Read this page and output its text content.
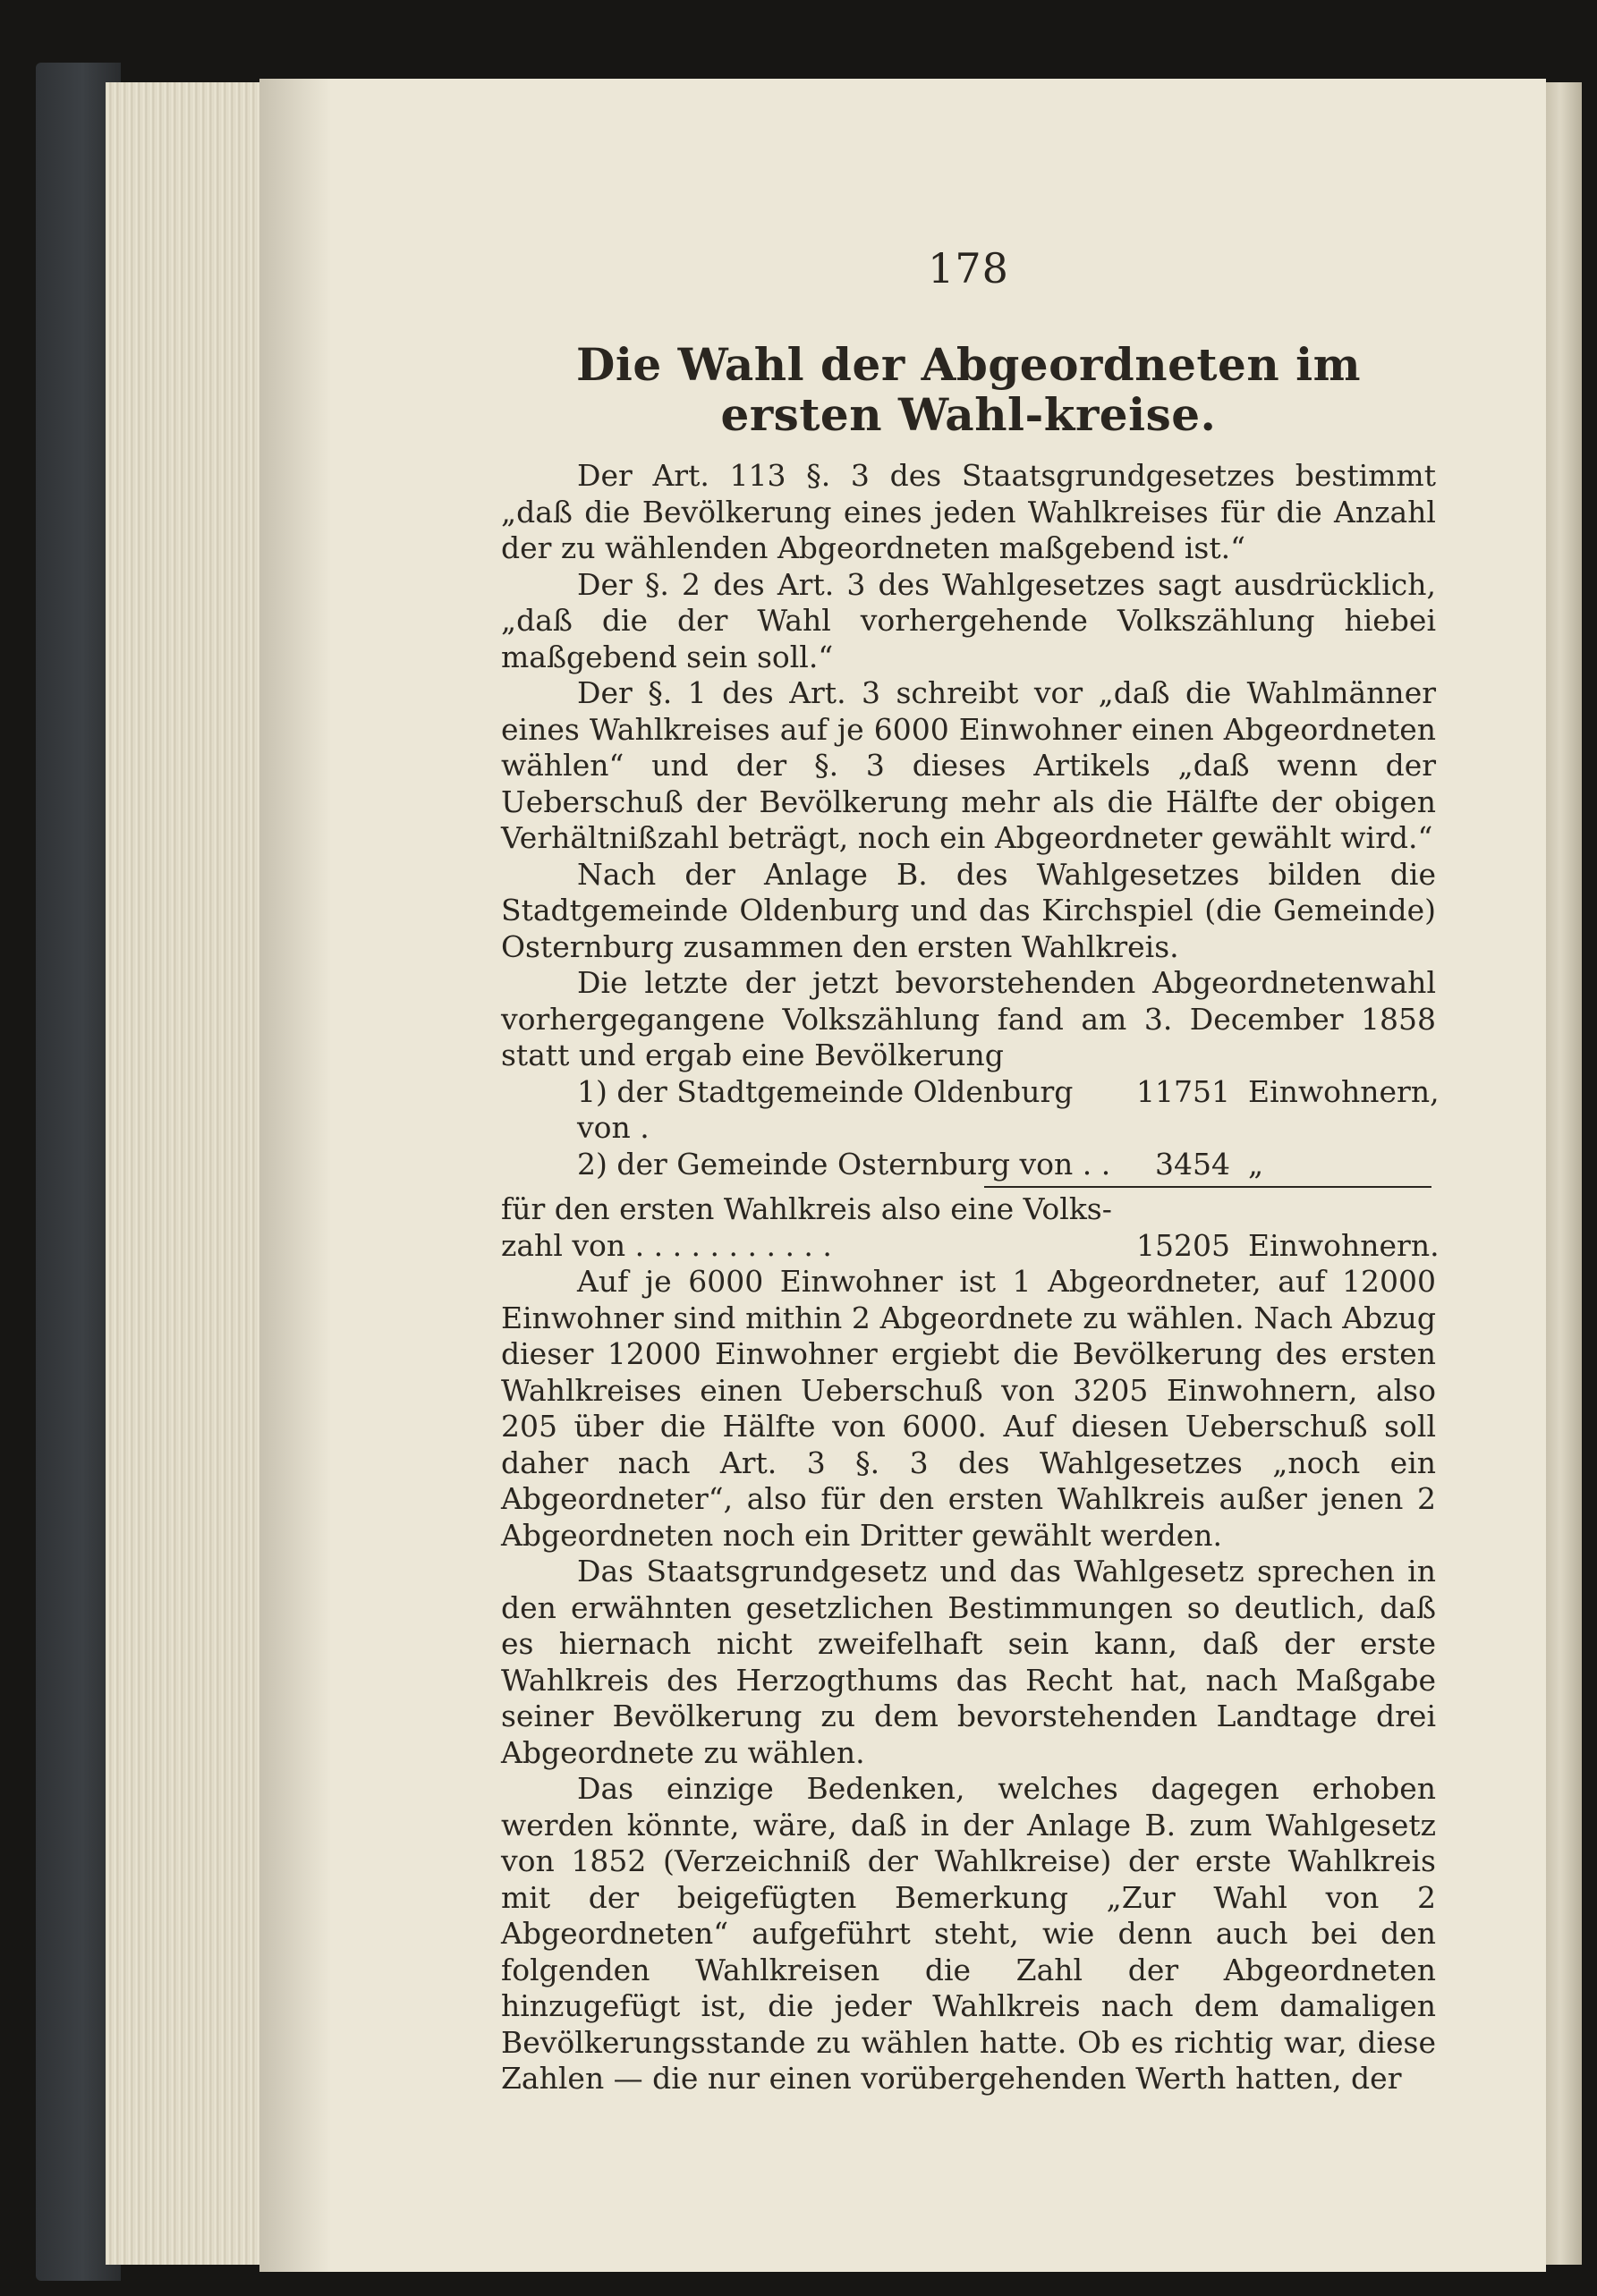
178
Die Wahl der Abgeordneten im ersten Wahl-kreise.

Der Art. 113 §. 3 des Staatsgrundgesetzes bestimmt „daß die Bevölkerung eines jeden Wahlkreises für die Anzahl der zu wählenden Abgeordneten maßgebend ist.“

Der §. 2 des Art. 3 des Wahlgesetzes sagt ausdrücklich, „daß die der Wahl vorhergehende Volkszählung hiebei maßgebend sein soll.“

Der §. 1 des Art. 3 schreibt vor „daß die Wahlmänner eines Wahlkreises auf je 6000 Einwohner einen Abgeordneten wählen“ und der §. 3 dieses Artikels „daß wenn der Ueberschuß der Bevölkerung mehr als die Hälfte der obigen Verhältnißzahl beträgt, noch ein Abgeordneter gewählt wird.“

Nach der Anlage B. des Wahlgesetzes bilden die Stadtgemeinde Oldenburg und das Kirchspiel (die Gemeinde) Osternburg zusammen den ersten Wahlkreis.

Die letzte der jetzt bevorstehenden Abgeordnetenwahl vorhergegangene Volkszählung fand am 3. December 1858 statt und ergab eine Bevölkerung

1) der Stadtgemeinde Oldenburg von .
11751 Einwohnern,
2) der Gemeinde Osternburg von . .	3454 „
für den ersten Wahlkreis also eine Volks-
zahl von . . . . . . . . . . .	15205 Einwohnern.

Auf je 6000 Einwohner ist 1 Abgeordneter, auf 12000 Einwohner sind mithin 2 Abgeordnete zu wählen. Nach Abzug dieser 12000 Einwohner ergiebt die Bevölkerung des ersten Wahlkreises einen Ueberschuß von 3205 Einwohnern, also 205 über die Hälfte von 6000. Auf diesen Ueberschuß soll daher nach Art. 3 §. 3 des Wahlgesetzes „noch ein Abgeordneter“, also für den ersten Wahlkreis außer jenen 2 Abgeordneten noch ein Dritter gewählt werden.

Das Staatsgrundgesetz und das Wahlgesetz sprechen in den erwähnten gesetzlichen Bestimmungen so deutlich, daß es hiernach nicht zweifelhaft sein kann, daß der erste Wahlkreis des Herzogthums das Recht hat, nach Maßgabe seiner Bevölkerung zu dem bevorstehenden Landtage drei Abgeordnete zu wählen.

Das einzige Bedenken, welches dagegen erhoben werden könnte, wäre, daß in der Anlage B. zum Wahlgesetz von 1852 (Verzeichniß der Wahlkreise) der erste Wahlkreis mit der beigefügten Bemerkung „Zur Wahl von 2 Abgeordneten“ aufgeführt steht, wie denn auch bei den folgenden Wahlkreisen die Zahl der Abgeordneten hinzugefügt ist, die jeder Wahlkreis nach dem damaligen Bevölkerungsstande zu wählen hatte. Ob es richtig war, diese Zahlen — die nur einen vorübergehenden Werth hatten, der
